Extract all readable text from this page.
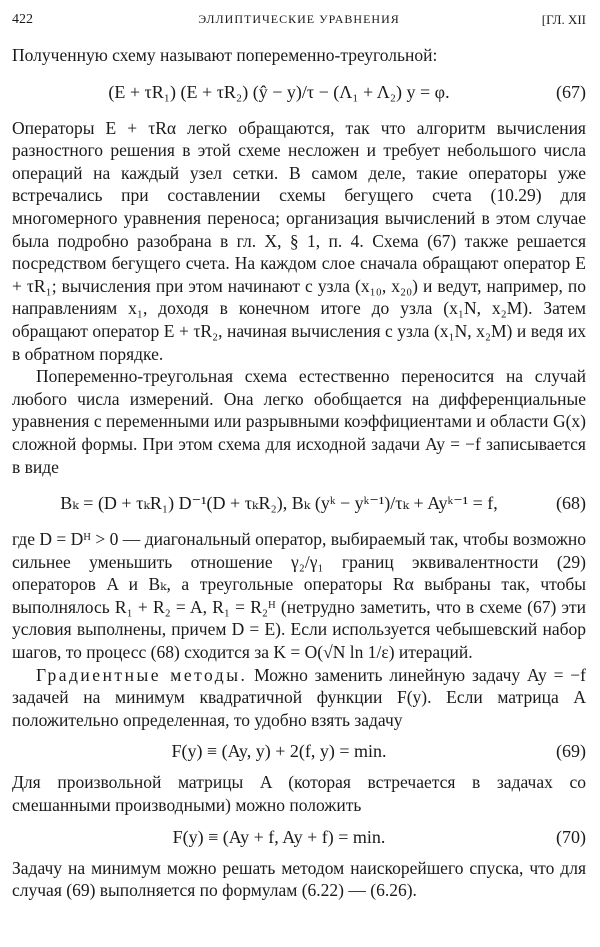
422	ЭЛЛИПТИЧЕСКИЕ УРАВНЕНИЯ	[ГЛ. XII

Полученную схему называют попеременно-треугольной:

(E + τR₁) (E + τR₂) (ŷ − y)/τ − (Λ₁ + Λ₂) y = φ.	(67)

Операторы E + τRα легко обращаются, так что алгоритм вычисления разностного решения в этой схеме несложен и требует небольшого числа операций на каждый узел сетки. В самом деле, такие операторы уже встречались при составлении схемы бегущего счета (10.29) для многомерного уравнения переноса; организация вычислений в этом случае была подробно разобрана в гл. X, § 1, п. 4. Схема (67) также решается посредством бегущего счета. На каждом слое сначала обращают оператор E + τR₁; вычисления при этом начинают с узла (x₁₀, x₂₀) и ведут, например, по направлениям x₁, доходя в конечном итоге до узла (x₁N, x₂M). Затем обращают оператор E + τR₂, начиная вычисления с узла (x₁N, x₂M) и ведя их в обратном порядке.

Попеременно-треугольная схема естественно переносится на случай любого числа измерений. Она легко обобщается на дифференциальные уравнения с переменными или разрывными коэффициентами и области G(x) сложной формы. При этом схема для исходной задачи Ay = −f записывается в виде

Bₖ = (D + τₖR₁) D⁻¹(D + τₖR₂), Bₖ (yᵏ − yᵏ⁻¹)/τₖ + Ayᵏ⁻¹ = f,	(68)

где D = Dᴴ > 0 — диагональный оператор, выбираемый так, чтобы возможно сильнее уменьшить отношение γ₂/γ₁ границ эквивалентности (29) операторов A и Bₖ, а треугольные операторы Rα выбраны так, чтобы выполнялось R₁ + R₂ = A, R₁ = R₂ᴴ (нетрудно заметить, что в схеме (67) эти условия выполнены, причем D = E). Если используется чебышевский набор шагов, то процесс (68) сходится за K = O(√N ln 1/ε) итераций.

Градиентные методы. Можно заменить линейную задачу Ay = −f задачей на минимум квадратичной функции F(y). Если матрица A положительно определенная, то удобно взять задачу

F(y) ≡ (Ay, y) + 2(f, y) = min.	(69)

Для произвольной матрицы A (которая встречается в задачах со смешанными производными) можно положить

F(y) ≡ (Ay + f, Ay + f) = min.	(70)

Задачу на минимум можно решать методом наискорейшего спуска, что для случая (69) выполняется по формулам (6.22) — (6.26).
